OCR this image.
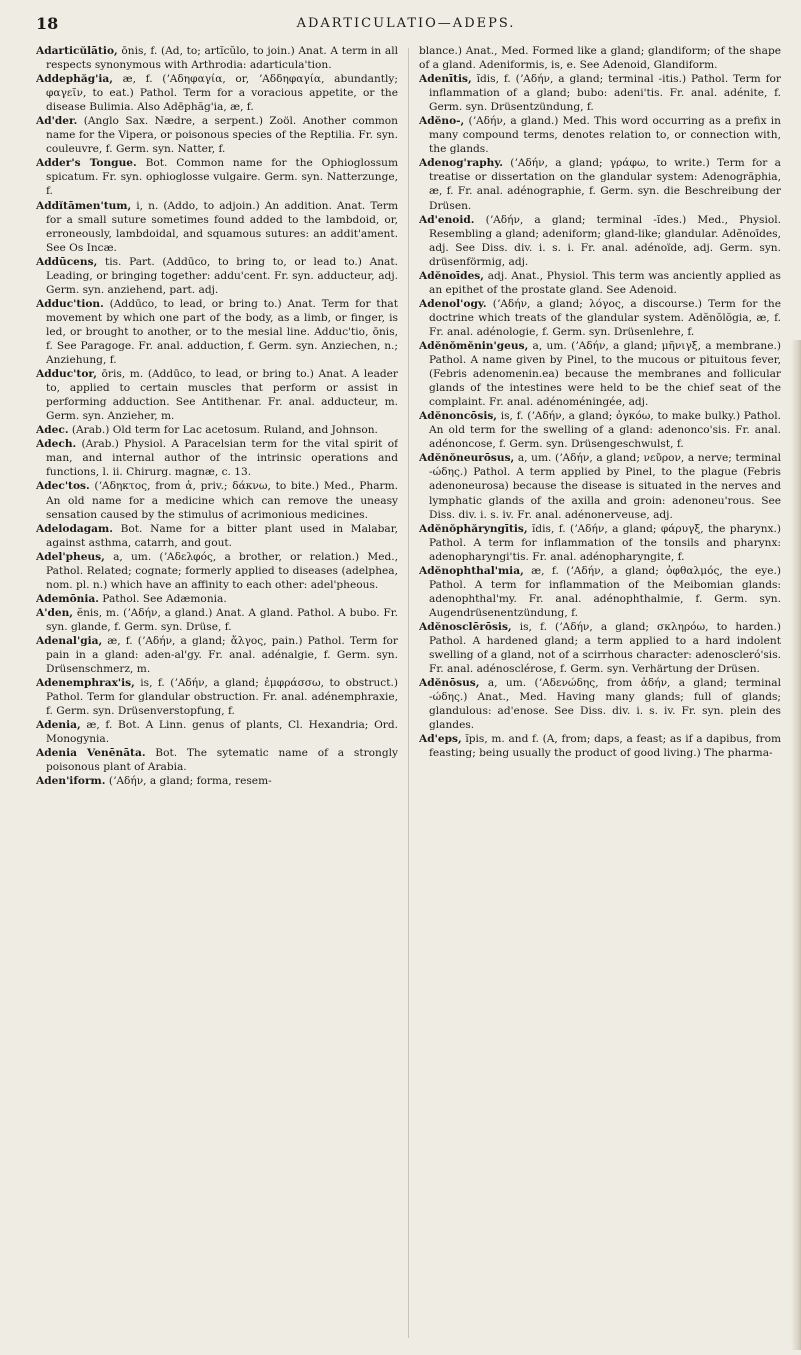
18	ADARTICULATIO—ADEPS.

Adarticŭlātio, ōnis, f. (Ad, to; artĭcŭlo, to join.) Anat. A term in all respects synonymous with Arthrodia: adarticula'tion.

Addephăg'ia, æ, f. (ʼΑδηφαγία, or, ʼΑδδηφαγία, abundantly; φαγεῖν, to eat.) Pathol. Term for a voracious appetite, or the disease Bulimia. Also Adēphăg'ia, æ, f.

Ad'der. (Anglo Sax. Nædre, a serpent.) Zoöl. Another common name for the Vipera, or poisonous species of the Reptilia. Fr. syn. couleuvre, f. Germ. syn. Natter, f.

Adder's Tongue. Bot. Common name for the Ophioglossum spicatum. Fr. syn. ophioglosse vulgaire. Germ. syn. Natterzunge, f.

Addĭtāmen'tum, i, n. (Addo, to adjoin.) An addition. Anat. Term for a small suture sometimes found added to the lambdoid, or, erroneously, lambdoidal, and squamous sutures: an addit'ament. See Os Incæ.

Addūcens, tis. Part. (Addūco, to bring to, or lead to.) Anat. Leading, or bringing together: addu'cent. Fr. syn. adducteur, adj. Germ. syn. anziehend, part. adj.

Adduc'tion. (Addūco, to lead, or bring to.) Anat. Term for that movement by which one part of the body, as a limb, or finger, is led, or brought to another, or to the mesial line. Adduc'tio, ōnis, f. See Paragoge. Fr. anal. adduction, f. Germ. syn. Anziechen, n.; Anziehung, f.

Adduc'tor, ōris, m. (Addūco, to lead, or bring to.) Anat. A leader to, applied to certain muscles that perform or assist in performing adduction. See Antithenar. Fr. anal. adducteur, m. Germ. syn. Anzieher, m.

Adec. (Arab.) Old term for Lac acetosum. Ruland, and Johnson.

Adech. (Arab.) Physiol. A Paracelsian term for the vital spirit of man, and internal author of the intrinsic operations and functions, l. ii. Chirurg. magnæ, c. 13.

Adec'tos. (ʼΑδηκτος, from ἀ, priv.; δάκνω, to bite.) Med., Pharm. An old name for a medicine which can remove the uneasy sensation caused by the stimulus of acrimonious medicines.

Adelodagam. Bot. Name for a bitter plant used in Malabar, against asthma, catarrh, and gout.

Adel'pheus, a, um. (ʼΑδελφός, a brother, or relation.) Med., Pathol. Related; cognate; formerly applied to diseases (adelphea, nom. pl. n.) which have an affinity to each other: adel'pheous.

Ademōnia. Pathol. See Adæmonia.

A'den, ĕnis, m. (ʼΑδήν, a gland.) Anat. A gland. Pathol. A bubo. Fr. syn. glande, f. Germ. syn. Drüse, f.

Adenal'gia, æ, f. (ʼΑδήν, a gland; ἄλγος, pain.) Pathol. Term for pain in a gland: aden-al'gy. Fr. anal. adénalgie, f. Germ. syn. Drüsenschmerz, m.

Adenemphrax'is, is, f. (ʼΑδήν, a gland; ἐμφράσσω, to obstruct.) Pathol. Term for glandular obstruction. Fr. anal. adénemphraxie, f. Germ. syn. Drüsenverstopfung, f.

Adenia, æ, f. Bot. A Linn. genus of plants, Cl. Hexandria; Ord. Monogynia.

Adenia Venēnāta. Bot. The sytematic name of a strongly poisonous plant of Arabia.

Aden'iform. (ʼΑδήν, a gland; forma, resem-

blance.) Anat., Med. Formed like a gland; glandiform; of the shape of a gland. Adeniformis, is, e. See Adenoid, Glandiform.

Adenītis, ĭdis, f. (ʼΑδήν, a gland; terminal -itis.) Pathol. Term for inflammation of a gland; bubo: adeni'tis. Fr. anal. adénite, f. Germ. syn. Drüsentzündung, f.

Adĕno-, (ʼΑδήν, a gland.) Med. This word occurring as a prefix in many compound terms, denotes relation to, or connection with, the glands.

Adenog'raphy. (ʼΑδήν, a gland; γράφω, to write.) Term for a treatise or dissertation on the glandular system: Adenogrăphia, æ, f. Fr. anal. adénographie, f. Germ. syn. die Beschreibung der Drüsen.

Ad'enoid. (ʼΑδήν, a gland; terminal -ĭdes.) Med., Physiol. Resembling a gland; adeniform; gland-like; glandular. Adĕnoīdes, adj. See Diss. div. i. s. i. Fr. anal. adénoïde, adj. Germ. syn. drüsenförmig, adj.

Adĕnoīdes, adj. Anat., Physiol. This term was anciently applied as an epithet of the prostate gland. See Adenoid.

Adenol'ogy. (ʼΑδήν, a gland; λόγος, a discourse.) Term for the doctrine which treats of the glandular system. Adĕnŏlŏgia, æ, f. Fr. anal. adénologie, f. Germ. syn. Drüsenlehre, f.

Adĕnŏmĕnin'geus, a, um. (ʼΑδήν, a gland; μῆνιγξ, a membrane.) Pathol. A name given by Pinel, to the mucous or pituitous fever, (Febris adenomenin.ea) because the membranes and follicular glands of the intestines were held to be the chief seat of the complaint. Fr. anal. adénoméningée, adj.

Adĕnoncōsis, is, f. (ʼΑδήν, a gland; ὀγκόω, to make bulky.) Pathol. An old term for the swelling of a gland: adenonco'sis. Fr. anal. adénoncose, f. Germ. syn. Drüsengeschwulst, f.

Adĕnŏneurōsus, a, um. (ʼΑδήν, a gland; νεῦρον, a nerve; terminal -ώδης.) Pathol. A term applied by Pinel, to the plague (Febris adenoneurosa) because the disease is situated in the nerves and lymphatic glands of the axilla and groin: adenoneu'rous. See Diss. div. i. s. iv. Fr. anal. adénonerveuse, adj.

Adĕnŏphăryngītis, ĭdis, f. (ʼΑδήν, a gland; φάρυγξ, the pharynx.) Pathol. A term for inflammation of the tonsils and pharynx: adenopharyngi'tis. Fr. anal. adénopharyngite, f.

Adĕnophthal'mia, æ, f. (ʼΑδήν, a gland; ὀφθαλμός, the eye.) Pathol. A term for inflammation of the Meibomian glands: adenophthal'my. Fr. anal. adénophthalmie, f. Germ. syn. Augendrüsenentzündung, f.

Adĕnosclērōsis, is, f. (ʼΑδήν, a gland; σκληρόω, to harden.) Pathol. A hardened gland; a term applied to a hard indolent swelling of a gland, not of a scirrhous character: adenoscleró'sis. Fr. anal. adénosclérose, f. Germ. syn. Verhärtung der Drüsen.

Adĕnōsus, a, um. (ʼΑδενώδης, from ἀδήν, a gland; terminal -ώδης.) Anat., Med. Having many glands; full of glands; glandulous: ad'enose. See Diss. div. i. s. iv. Fr. syn. plein des glandes.

Ad'eps, ĭpis, m. and f. (A, from; daps, a feast; as if a dapibus, from feasting; being usually the product of good living.) The pharma-
